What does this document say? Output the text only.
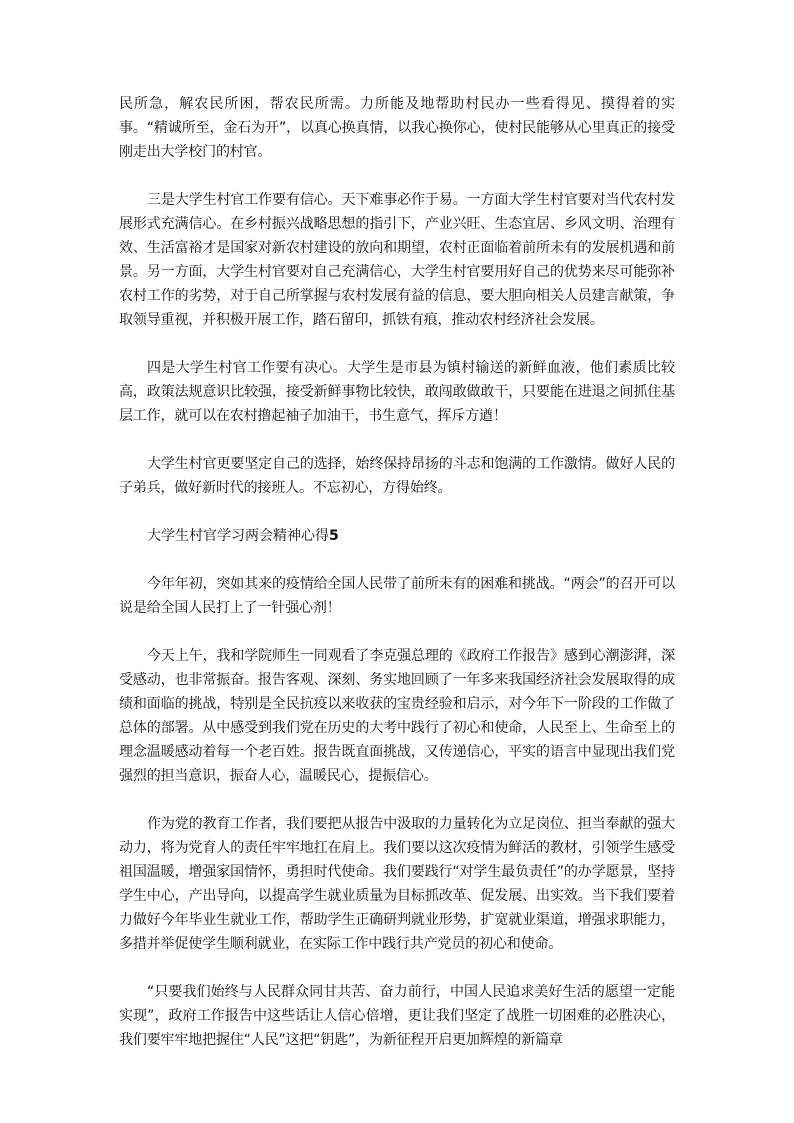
民所急，解农民所困，帮农民所需。力所能及地帮助村民办一些看得见、摸得着的实事。“精诚所至，金石为开”，以真心换真情，以我心换你心，使村民能够从心里真正的接受刚走出大学校门的村官。

三是大学生村官工作要有信心。天下难事必作于易。一方面大学生村官要对当代农村发展形式充满信心。在乡村振兴战略思想的指引下，产业兴旺、生态宜居、乡风文明、治理有效、生活富裕才是国家对新农村建设的放向和期望，农村正面临着前所未有的发展机遇和前景。另一方面，大学生村官要对自己充满信心，大学生村官要用好自己的优势来尽可能弥补农村工作的劣势，对于自己所掌握与农村发展有益的信息，要大胆向相关人员建言献策，争取领导重视，并积极开展工作，踏石留印，抓铁有痕，推动农村经济社会发展。

四是大学生村官工作要有决心。大学生是市县为镇村输送的新鲜血液，他们素质比较高，政策法规意识比较强，接受新鲜事物比较快，敢闯敢做敢干，只要能在进退之间抓住基层工作，就可以在农村撸起袖子加油干，书生意气，挥斥方遒！

大学生村官更要坚定自己的选择，始终保持昂扬的斗志和饱满的工作激情。做好人民的子弟兵，做好新时代的接班人。不忘初心，方得始终。

大学生村官学习两会精神心得5

今年年初，突如其来的疫情给全国人民带了前所未有的困难和挑战。“两会”的召开可以说是给全国人民打上了一针强心剂！

今天上午，我和学院师生一同观看了李克强总理的《政府工作报告》感到心潮澎湃，深受感动，也非常振奋。报告客观、深刻、务实地回顾了一年多来我国经济社会发展取得的成绩和面临的挑战，特别是全民抗疫以来收获的宝贵经验和启示，对今年下一阶段的工作做了总体的部署。从中感受到我们党在历史的大考中践行了初心和使命，人民至上、生命至上的理念温暖感动着每一个老百姓。报告既直面挑战，又传递信心，平实的语言中显现出我们党强烈的担当意识，振奋人心，温暖民心，提振信心。

作为党的教育工作者，我们要把从报告中汲取的力量转化为立足岗位、担当奉献的强大动力，将为党育人的责任牢牢地扛在肩上。我们要以这次疫情为鲜活的教材，引领学生感受祖国温暖，增强家国情怀，勇担时代使命。我们要践行“对学生最负责任”的办学愿景，坚持学生中心，产出导向，以提高学生就业质量为目标抓改革、促发展、出实效。当下我们要着力做好今年毕业生就业工作，帮助学生正确研判就业形势，扩宽就业渠道，增强求职能力，多措并举促使学生顺利就业，在实际工作中践行共产党员的初心和使命。

“只要我们始终与人民群众同甘共苦、奋力前行，中国人民追求美好生活的愿望一定能实现”，政府工作报告中这些话让人信心倍增，更让我们坚定了战胜一切困难的必胜决心，我们要牢牢地把握住“人民”这把“钥匙”，为新征程开启更加辉煌的新篇章
